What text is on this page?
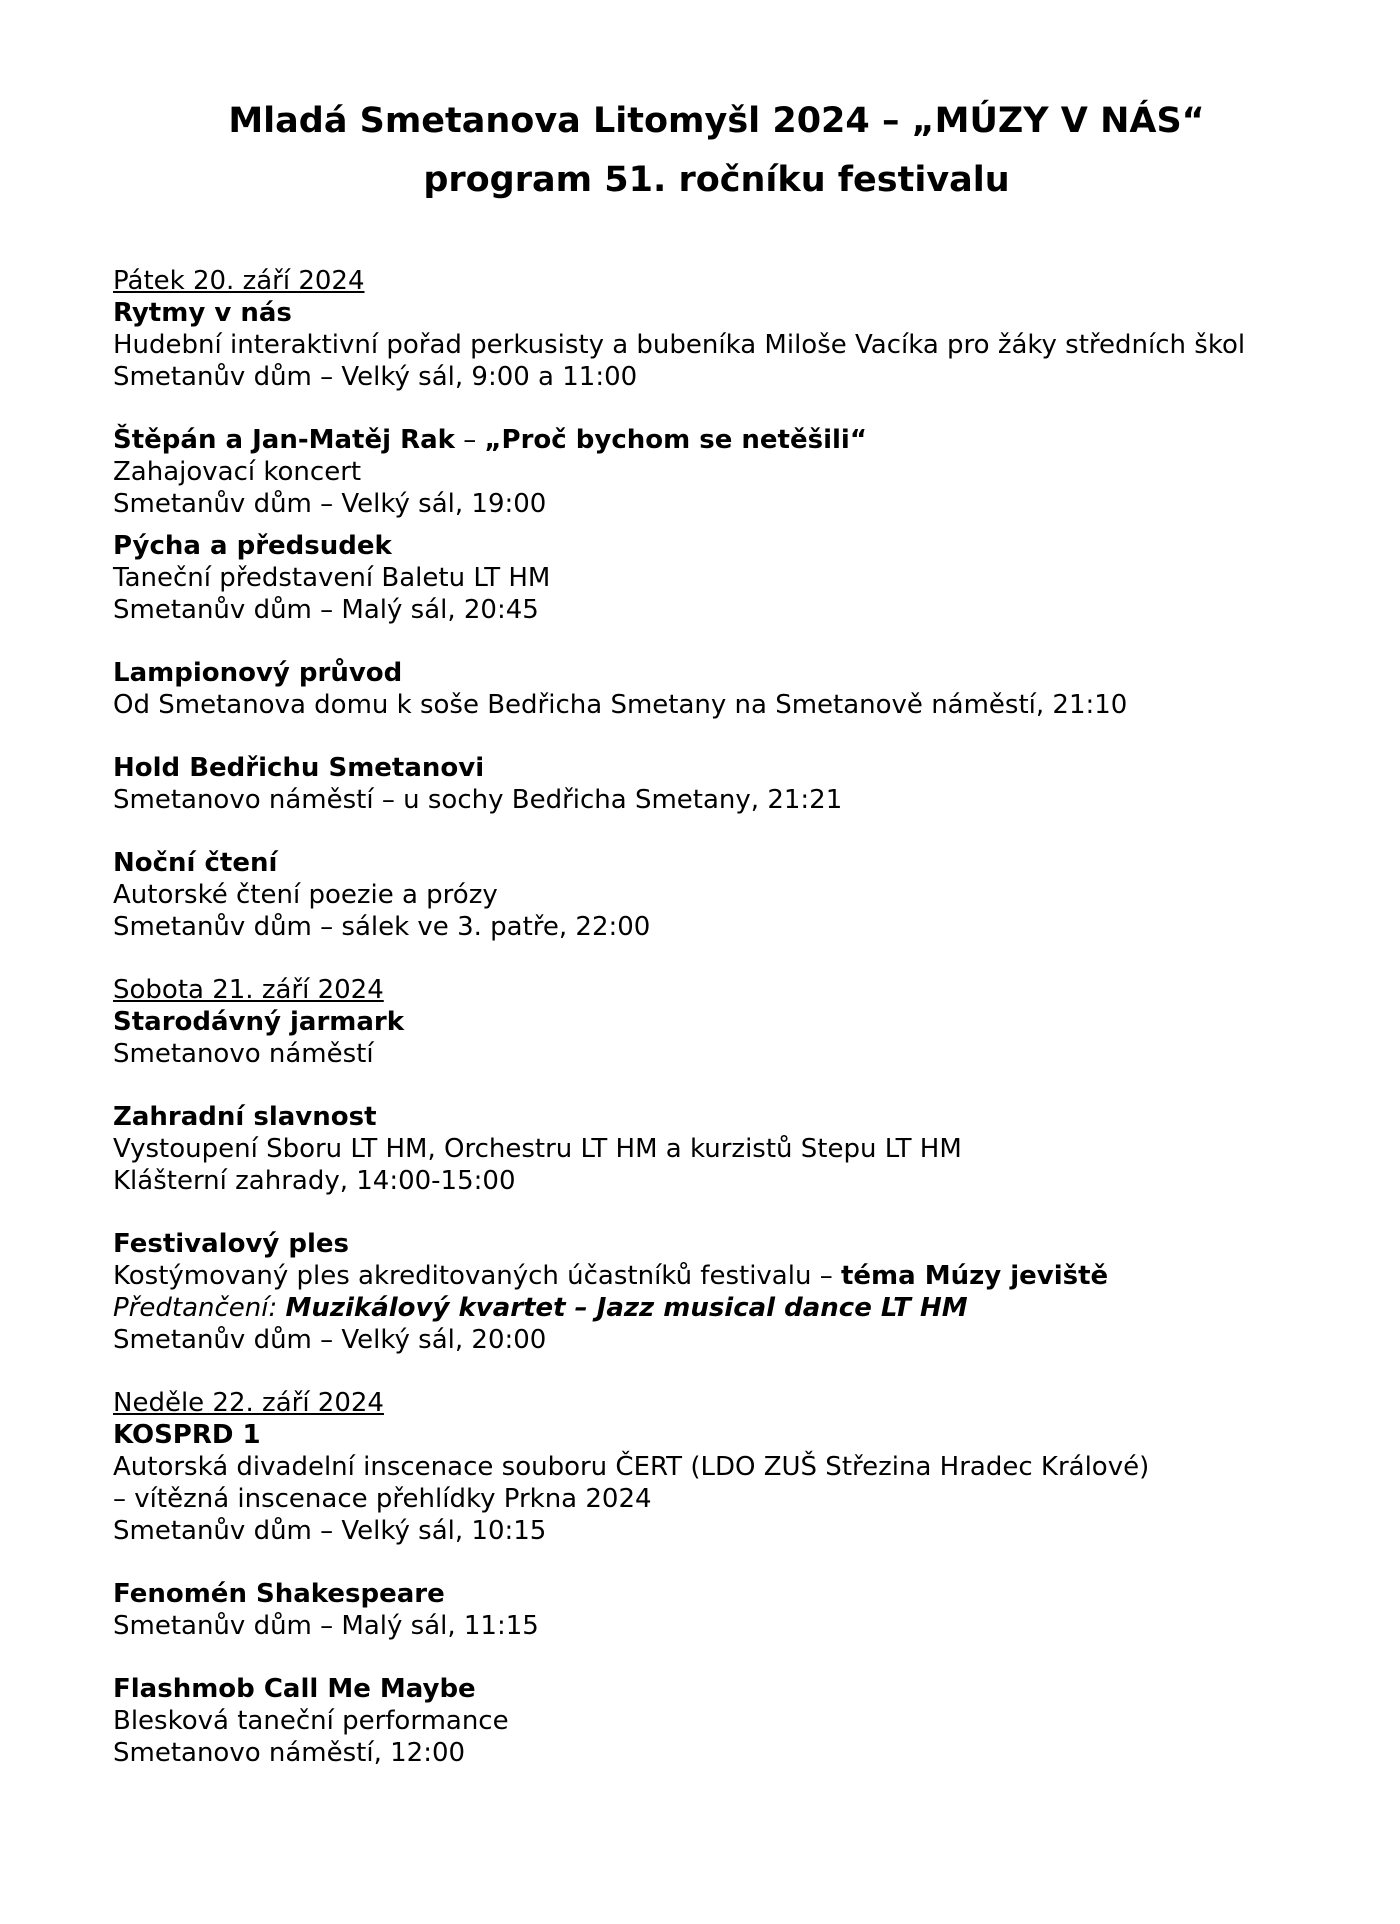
Mladá Smetanova Litomyšl 2024 – „MÚZY V NÁS“

program 51. ročníku festivalu

Pátek 20. září 2024

Rytmy v nás

Hudební interaktivní pořad perkusisty a bubeníka Miloše Vacíka pro žáky středních škol

Smetanův dům – Velký sál, 9:00 a 11:00

Štěpán a Jan-Matěj Rak – „Proč bychom se netěšili“

Zahajovací koncert

Smetanův dům – Velký sál, 19:00

Pýcha a předsudek

Taneční představení Baletu LT HM

Smetanův dům – Malý sál, 20:45

Lampionový průvod

Od Smetanova domu k soše Bedřicha Smetany na Smetanově náměstí, 21:10

Hold Bedřichu Smetanovi

Smetanovo náměstí – u sochy Bedřicha Smetany, 21:21

Noční čtení

Autorské čtení poezie a prózy

Smetanův dům – sálek ve 3. patře, 22:00

Sobota 21. září 2024

Starodávný jarmark

Smetanovo náměstí

Zahradní slavnost

Vystoupení Sboru LT HM, Orchestru LT HM a kurzistů Stepu LT HM

Klášterní zahrady, 14:00-15:00

Festivalový ples

Kostýmovaný ples akreditovaných účastníků festivalu – téma Múzy jeviště

Předtančení: Muzikálový kvartet – Jazz musical dance LT HM

Smetanův dům – Velký sál, 20:00

Neděle 22. září 2024

KOSPRD 1

Autorská divadelní inscenace souboru ČERT (LDO ZUŠ Střezina Hradec Králové)

– vítězná inscenace přehlídky Prkna 2024

Smetanův dům – Velký sál, 10:15

Fenomén Shakespeare

Smetanův dům – Malý sál, 11:15

Flashmob Call Me Maybe

Blesková taneční performance

Smetanovo náměstí, 12:00
